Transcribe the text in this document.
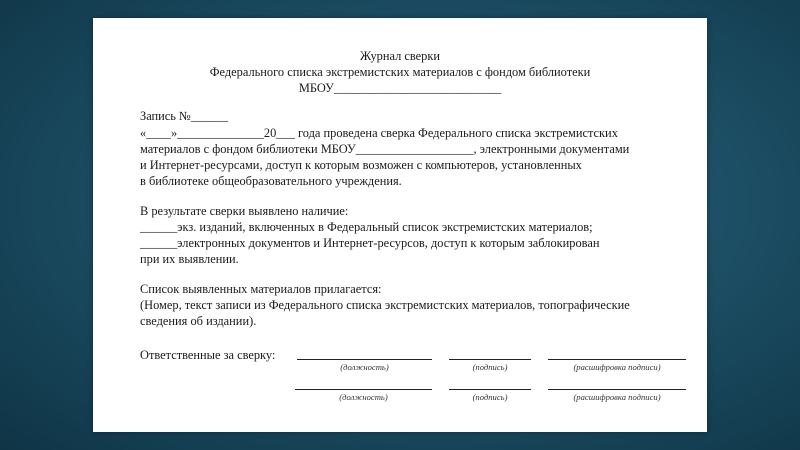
Журнал сверки
Федерального списка экстремистских материалов с фондом библиотеки
МБОУ___________________________
Запись №______
«____»______________20___ года проведена сверка Федерального списка экстремистских
материалов с фондом библиотеки МБОУ___________________, электронными документами
и Интернет-ресурсами, доступ к которым возможен с компьютеров, установленных
в библиотеке общеобразовательного учреждения.
В результате сверки выявлено наличие:
______экз. изданий, включенных в Федеральный список экстремистских материалов;
______электронных документов и Интернет-ресурсов, доступ к которым заблокирован
при их выявлении.
Список выявленных материалов прилагается:
(Номер, текст записи из Федерального списка экстремистских материалов, топографические
сведения об издании).
Ответственные за сверку:
(должность)	(подпись)	(расшифровка подписи)
(должность)	(подпись)	(расшифровка подписи)
